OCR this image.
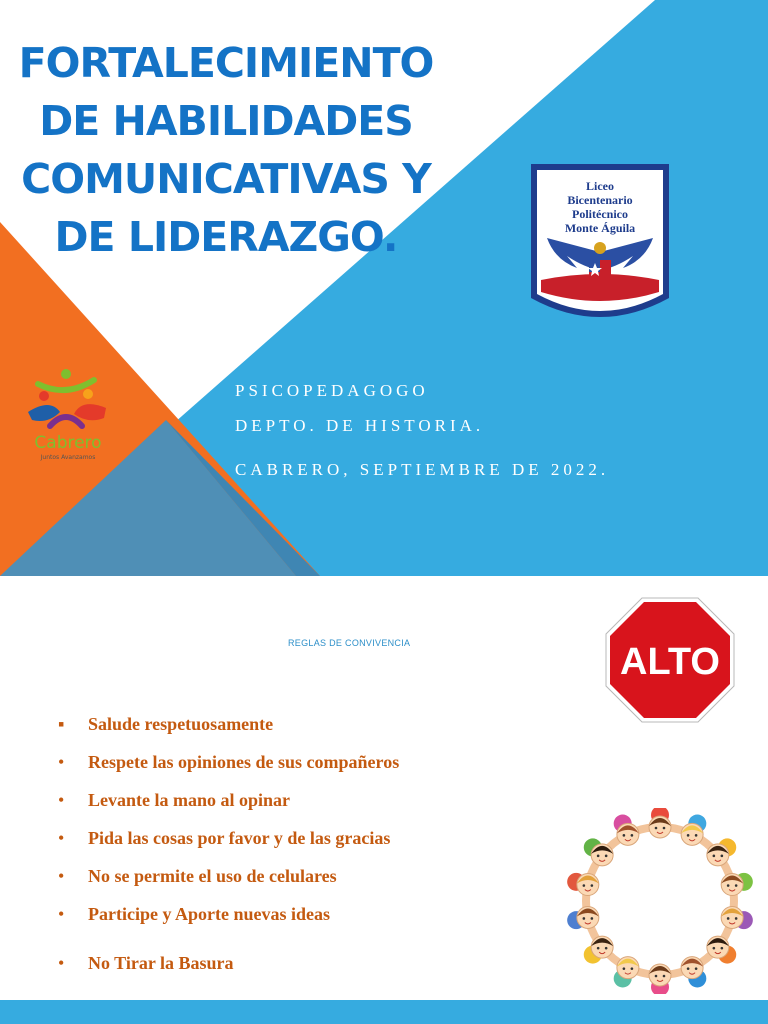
FORTALECIMIENTO
DE HABILIDADES
COMUNICATIVAS Y
DE LIDERAZGO.
Liceo
Bicentenario
Politécnico
Monte Águila
Cabrero
Juntos Avanzamos
PSICOPEDAGOGO
DEPTO. DE HISTORIA.
CABRERO, SEPTIEMBRE DE 2022.
REGLAS DE CONVIVENCIA	ALTO
▪ Salude respetuosamente
• Respete las opiniones de sus compañeros
• Levante la mano al opinar
• Pida las cosas por favor y de las gracias
• No se permite el uso de celulares
• Participe y Aporte nuevas ideas
• No Tirar la Basura
